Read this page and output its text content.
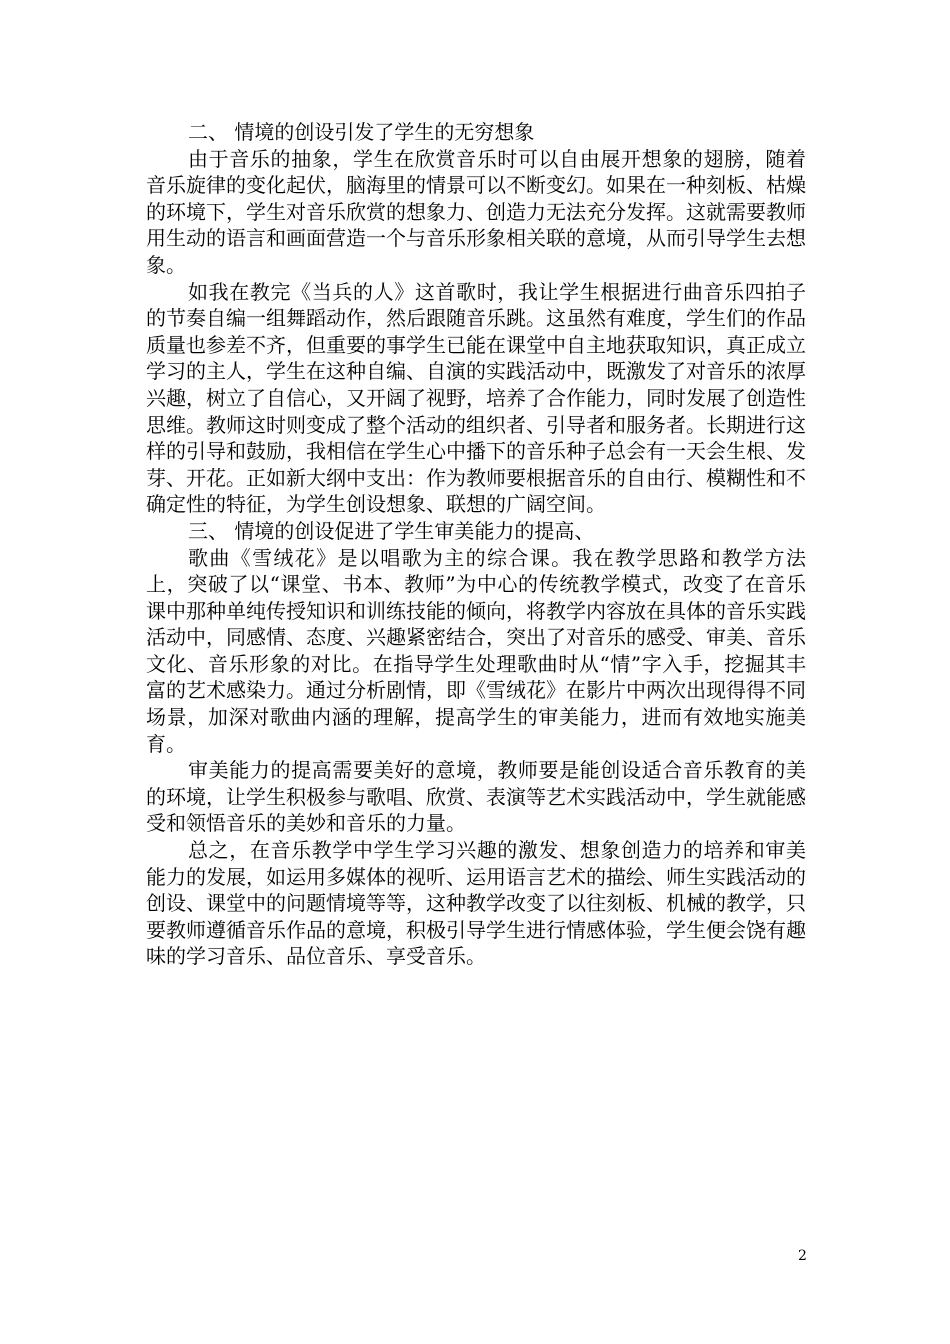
二、 情境的创设引发了学生的无穷想象

由于音乐的抽象，学生在欣赏音乐时可以自由展开想象的翅膀，随着音乐旋律的变化起伏，脑海里的情景可以不断变幻。如果在一种刻板、枯燥的环境下，学生对音乐欣赏的想象力、创造力无法充分发挥。这就需要教师用生动的语言和画面营造一个与音乐形象相关联的意境，从而引导学生去想象。

如我在教完《当兵的人》这首歌时，我让学生根据进行曲音乐四拍子的节奏自编一组舞蹈动作，然后跟随音乐跳。这虽然有难度，学生们的作品质量也参差不齐，但重要的事学生已能在课堂中自主地获取知识，真正成立学习的主人，学生在这种自编、自演的实践活动中，既激发了对音乐的浓厚兴趣，树立了自信心，又开阔了视野，培养了合作能力，同时发展了创造性思维。教师这时则变成了整个活动的组织者、引导者和服务者。长期进行这样的引导和鼓励，我相信在学生心中播下的音乐种子总会有一天会生根、发芽、开花。正如新大纲中支出：作为教师要根据音乐的自由行、模糊性和不确定性的特征，为学生创设想象、联想的广阔空间。

三、 情境的创设促进了学生审美能力的提高、

歌曲《雪绒花》是以唱歌为主的综合课。我在教学思路和教学方法上，突破了以“课堂、书本、教师”为中心的传统教学模式，改变了在音乐课中那种单纯传授知识和训练技能的倾向，将教学内容放在具体的音乐实践活动中，同感情、态度、兴趣紧密结合，突出了对音乐的感受、审美、音乐文化、音乐形象的对比。在指导学生处理歌曲时从“情”字入手，挖掘其丰富的艺术感染力。通过分析剧情，即《雪绒花》在影片中两次出现得得不同场景，加深对歌曲内涵的理解，提高学生的审美能力，进而有效地实施美育。

审美能力的提高需要美好的意境，教师要是能创设适合音乐教育的美的环境，让学生积极参与歌唱、欣赏、表演等艺术实践活动中，学生就能感受和领悟音乐的美妙和音乐的力量。

总之，在音乐教学中学生学习兴趣的激发、想象创造力的培养和审美能力的发展，如运用多媒体的视听、运用语言艺术的描绘、师生实践活动的创设、课堂中的问题情境等等，这种教学改变了以往刻板、机械的教学，只要教师遵循音乐作品的意境，积极引导学生进行情感体验，学生便会饶有趣味的学习音乐、品位音乐、享受音乐。

2
